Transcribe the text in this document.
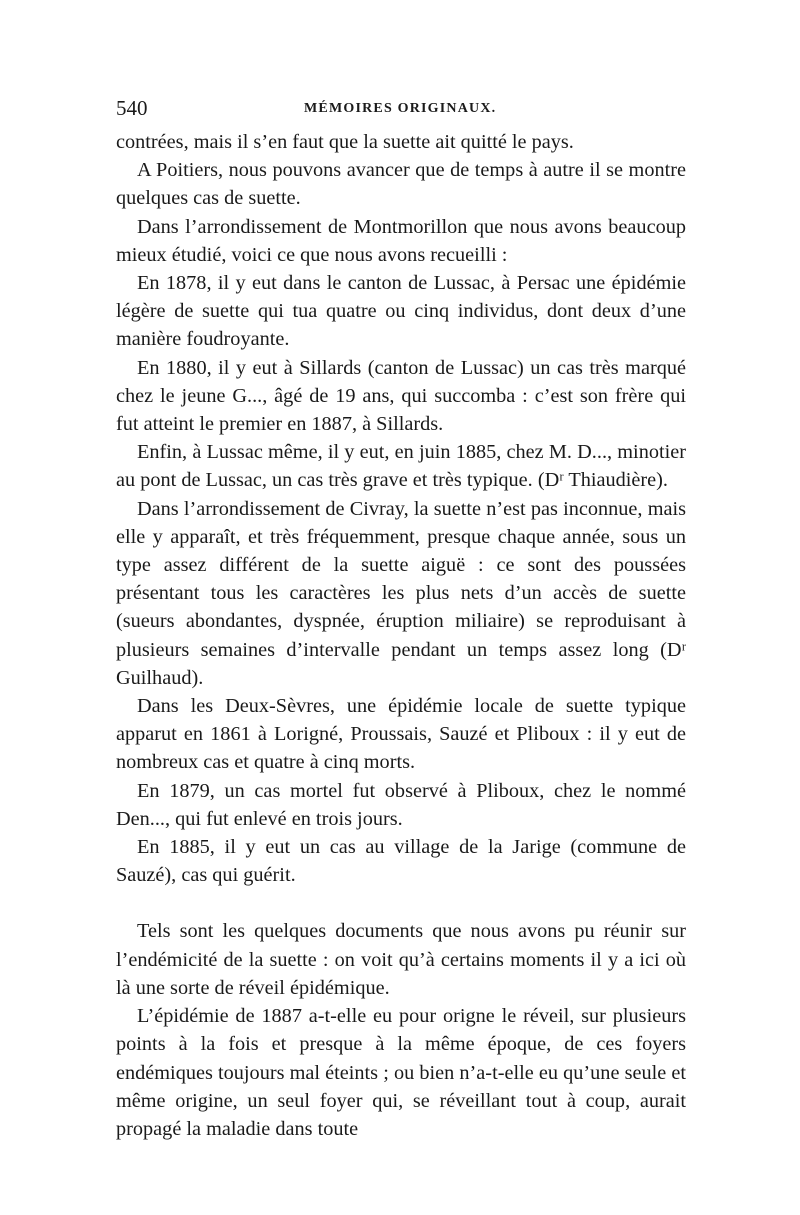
540	MÉMOIRES ORIGINAUX.

contrées, mais il s’en faut que la suette ait quitté le pays.

A Poitiers, nous pouvons avancer que de temps à autre il se montre quelques cas de suette.

Dans l’arrondissement de Montmorillon que nous avons beaucoup mieux étudié, voici ce que nous avons recueilli :

En 1878, il y eut dans le canton de Lussac, à Persac une épidémie légère de suette qui tua quatre ou cinq individus, dont deux d’une manière foudroyante.

En 1880, il y eut à Sillards (canton de Lussac) un cas très marqué chez le jeune G..., âgé de 19 ans, qui succomba : c’est son frère qui fut atteint le premier en 1887, à Sillards.

Enfin, à Lussac même, il y eut, en juin 1885, chez M. D..., minotier au pont de Lussac, un cas très grave et très typique. (Dʳ Thiaudière).

Dans l’arrondissement de Civray, la suette n’est pas inconnue, mais elle y apparaît, et très fréquemment, presque chaque année, sous un type assez différent de la suette aiguë : ce sont des poussées présentant tous les caractères les plus nets d’un accès de suette (sueurs abondantes, dyspnée, éruption miliaire) se reproduisant à plusieurs semaines d’intervalle pendant un temps assez long (Dʳ Guilhaud).

Dans les Deux-Sèvres, une épidémie locale de suette typique apparut en 1861 à Lorigné, Proussais, Sauzé et Pliboux : il y eut de nombreux cas et quatre à cinq morts.

En 1879, un cas mortel fut observé à Pliboux, chez le nommé Den..., qui fut enlevé en trois jours.

En 1885, il y eut un cas au village de la Jarige (commune de Sauzé), cas qui guérit.

Tels sont les quelques documents que nous avons pu réunir sur l’endémicité de la suette : on voit qu’à certains moments il y a ici où là une sorte de réveil épidémique.

L’épidémie de 1887 a-t-elle eu pour origne le réveil, sur plusieurs points à la fois et presque à la même époque, de ces foyers endémiques toujours mal éteints ; ou bien n’a-t-elle eu qu’une seule et même origine, un seul foyer qui, se réveillant tout à coup, aurait propagé la maladie dans toute
